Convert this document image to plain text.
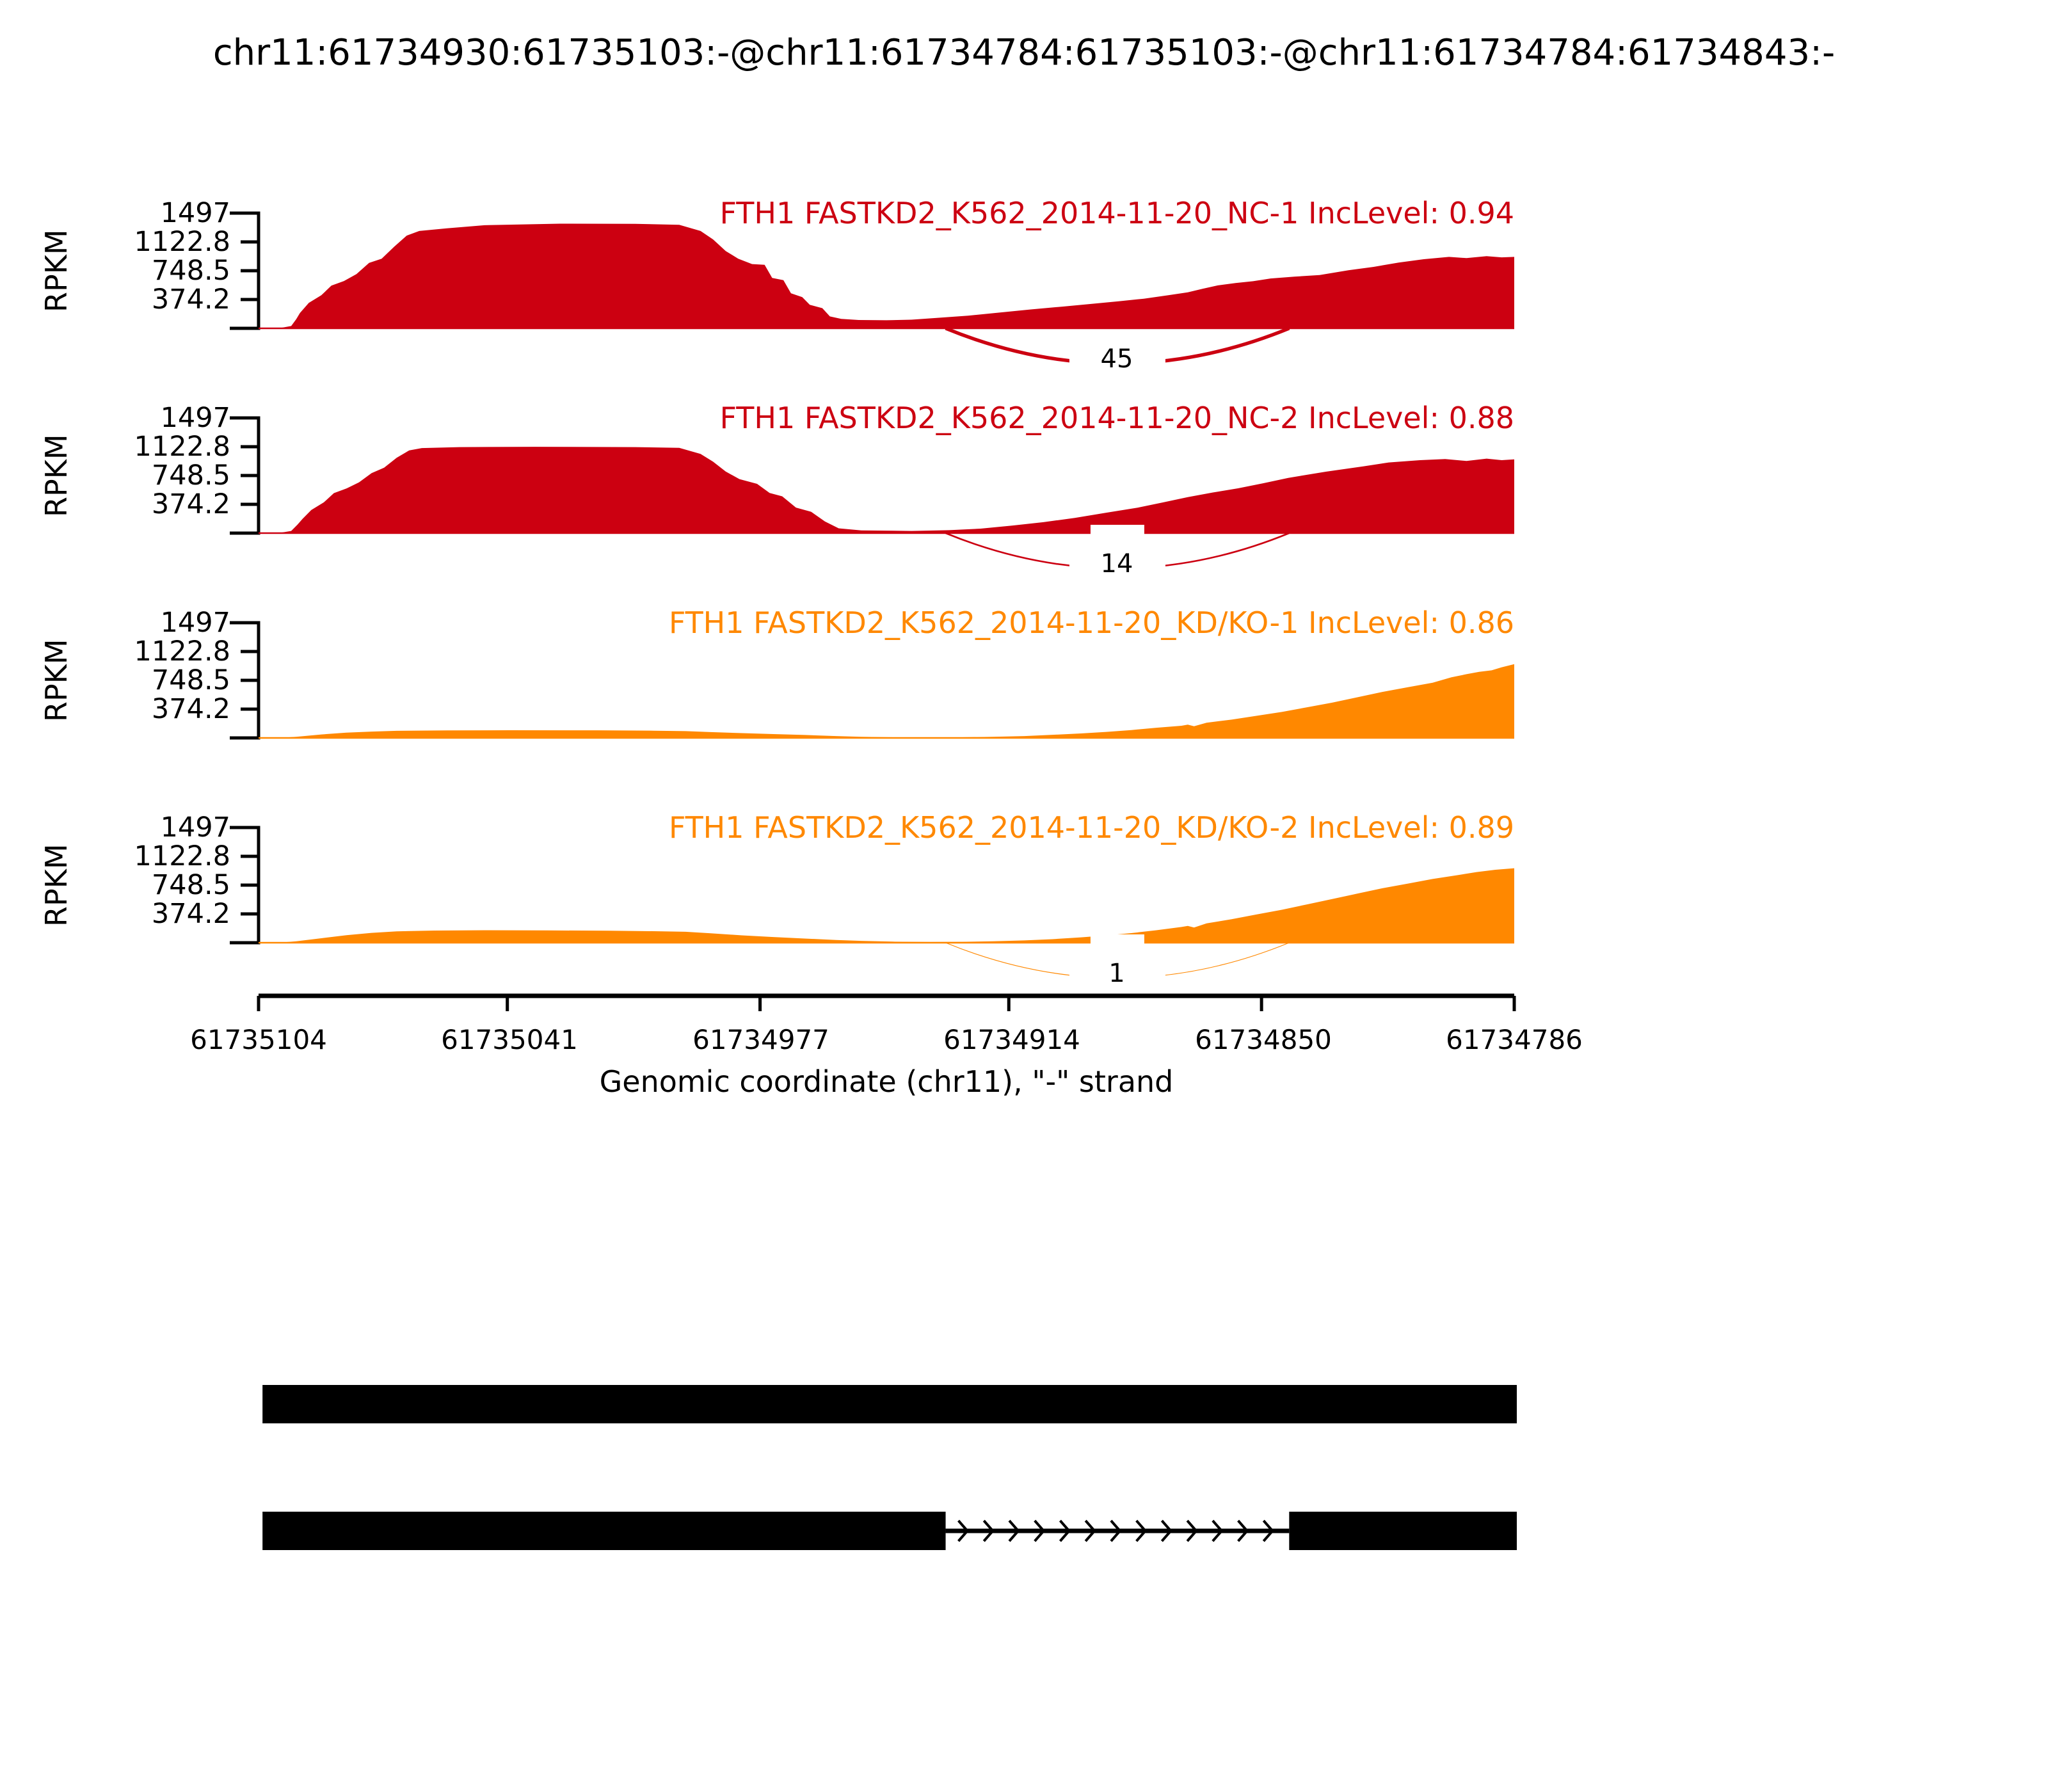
chr11:61734930:61735103:-@chr11:61734784:61735103:-@chr11:61734784:61734843:-
RPKM
1497
1122.8
748.5
374.2
FTH1 FASTKD2_K562_2014-11-20_NC-1 IncLevel: 0.94
45
RPKM
1497
1122.8
748.5
374.2
FTH1 FASTKD2_K562_2014-11-20_NC-2 IncLevel: 0.88
14
RPKM
1497
1122.8
748.5
374.2
FTH1 FASTKD2_K562_2014-11-20_KD/KO-1 IncLevel: 0.86
RPKM
1497
1122.8
748.5
374.2
FTH1 FASTKD2_K562_2014-11-20_KD/KO-2 IncLevel: 0.89
1
61735104	61735041	61734977	61734914	61734850	61734786
Genomic coordinate (chr11), "-" strand
